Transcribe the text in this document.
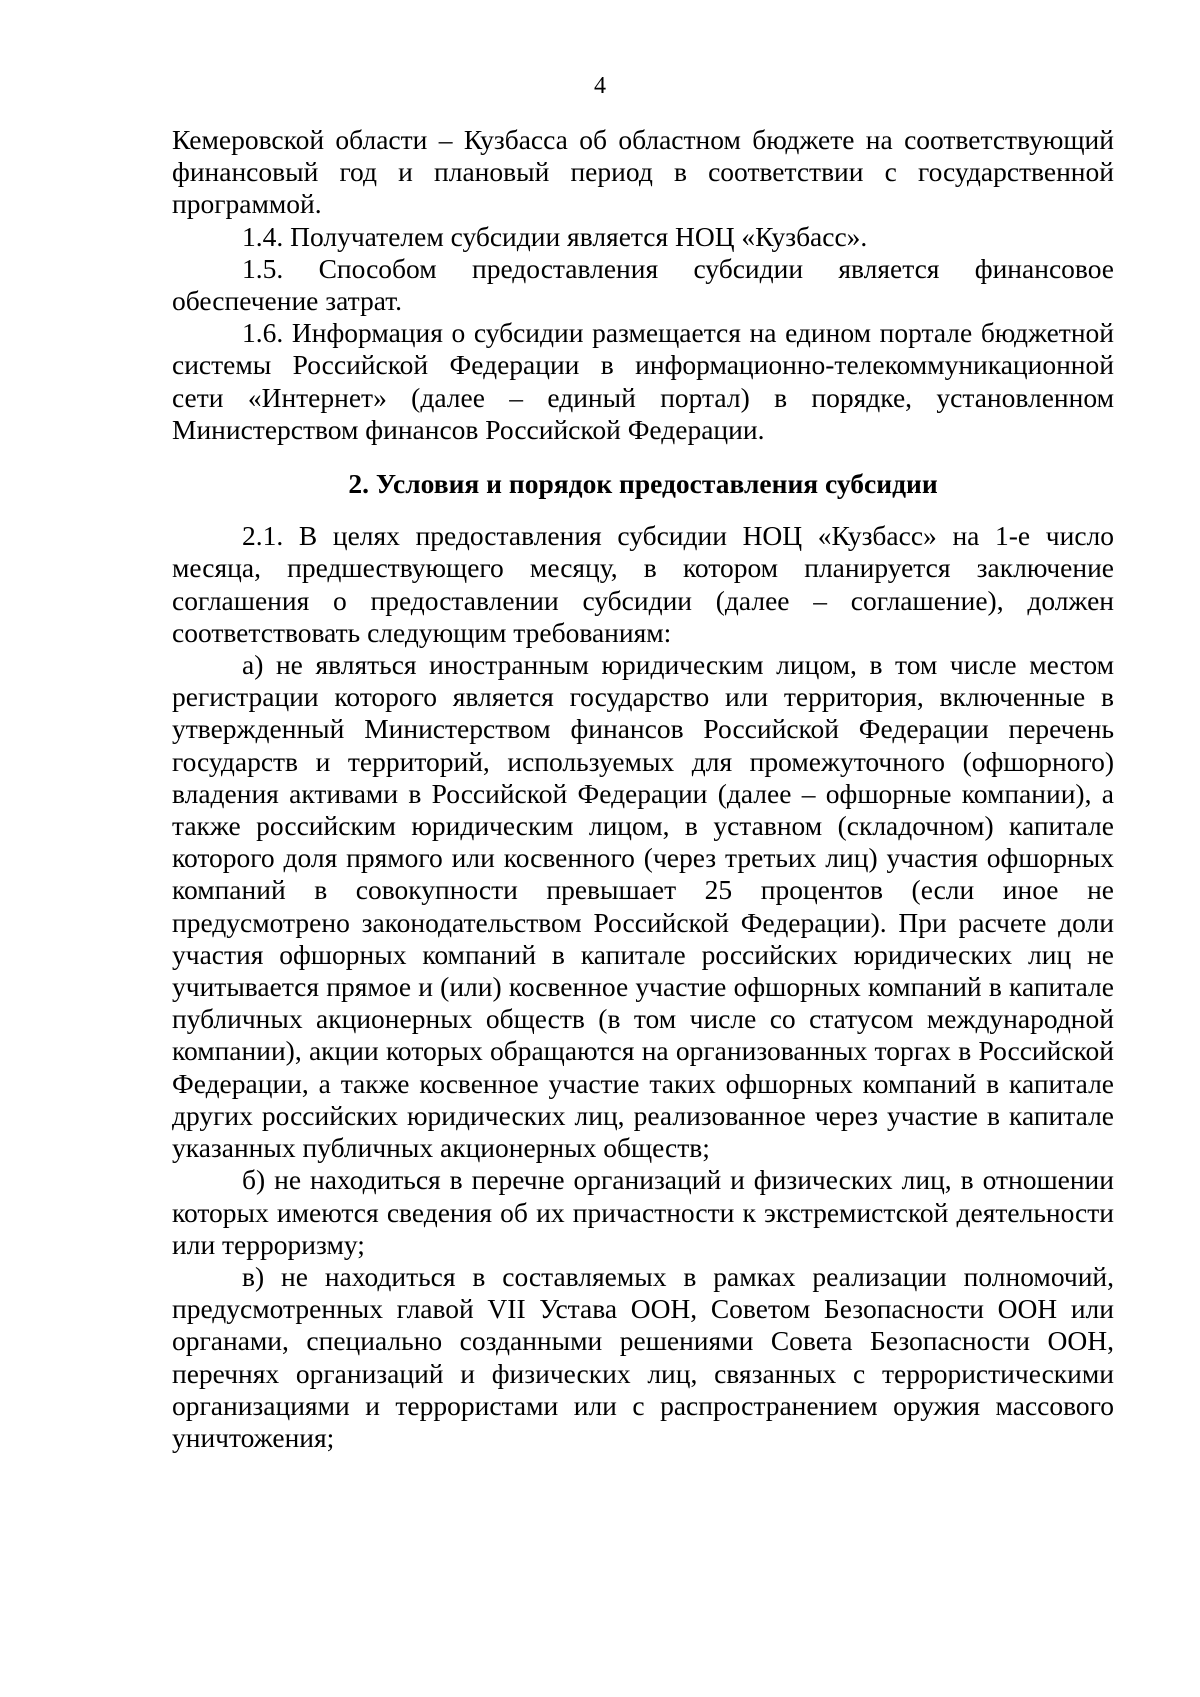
4

Кемеровской области – Кузбасса об областном бюджете на соответствующий финансовый год и плановый период в соответствии с государственной программой.

1.4. Получателем субсидии является НОЦ «Кузбасс».

1.5. Способом предоставления субсидии является финансовое обеспечение затрат.

1.6. Информация о субсидии размещается на едином портале бюджетной системы Российской Федерации в информационно-телекоммуникационной сети «Интернет» (далее – единый портал) в порядке, установленном Министерством финансов Российской Федерации.

2. Условия и порядок предоставления субсидии

2.1. В целях предоставления субсидии НОЦ «Кузбасс» на 1-е число месяца, предшествующего месяцу, в котором планируется заключение соглашения о предоставлении субсидии (далее – соглашение), должен соответствовать следующим требованиям:

а) не являться иностранным юридическим лицом, в том числе местом регистрации которого является государство или территория, включенные в утвержденный Министерством финансов Российской Федерации перечень государств и территорий, используемых для промежуточного (офшорного) владения активами в Российской Федерации (далее – офшорные компании), а также российским юридическим лицом, в уставном (складочном) капитале которого доля прямого или косвенного (через третьих лиц) участия офшорных компаний в совокупности превышает 25 процентов (если иное не предусмотрено законодательством Российской Федерации). При расчете доли участия офшорных компаний в капитале российских юридических лиц не учитывается прямое и (или) косвенное участие офшорных компаний в капитале публичных акционерных обществ (в том числе со статусом международной компании), акции которых обращаются на организованных торгах в Российской Федерации, а также косвенное участие таких офшорных компаний в капитале других российских юридических лиц, реализованное через участие в капитале указанных публичных акционерных обществ;

б) не находиться в перечне организаций и физических лиц, в отношении которых имеются сведения об их причастности к экстремистской деятельности или терроризму;

в) не находиться в составляемых в рамках реализации полномочий, предусмотренных главой VII Устава ООН, Советом Безопасности ООН или органами, специально созданными решениями Совета Безопасности ООН, перечнях организаций и физических лиц, связанных с террористическими организациями и террористами или с распространением оружия массового уничтожения;
